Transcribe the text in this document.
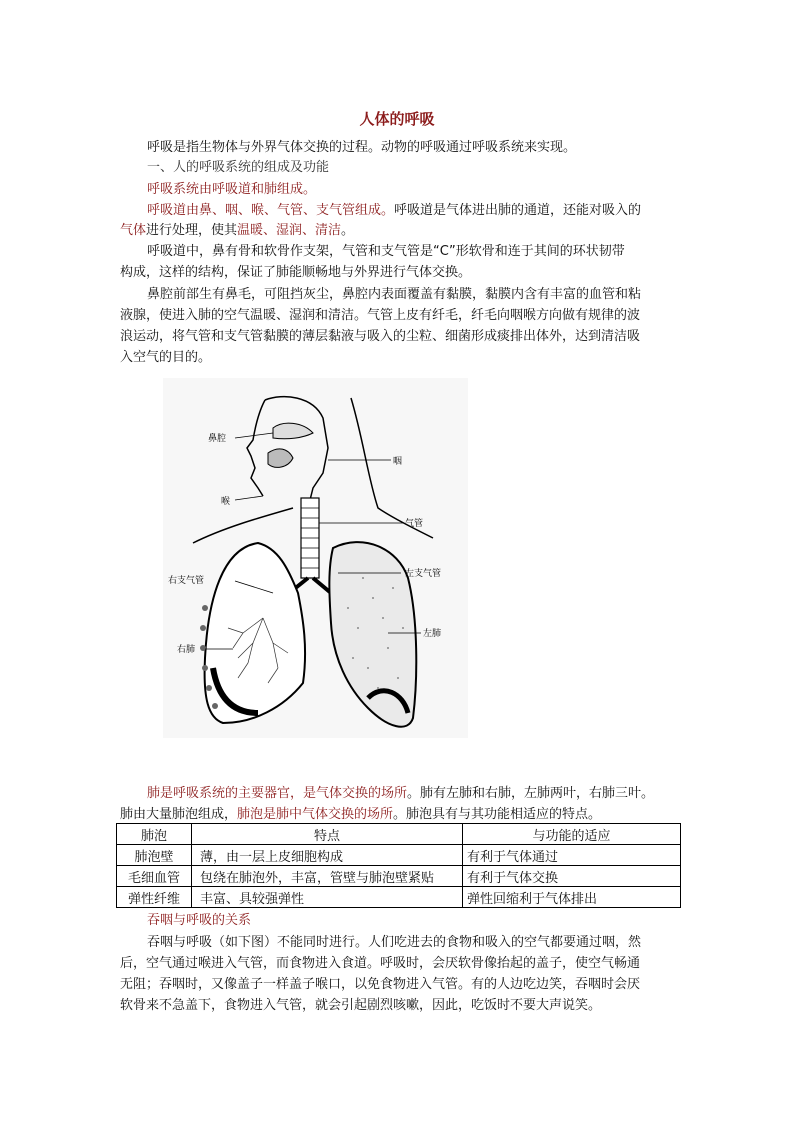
人体的呼吸
呼吸是指生物体与外界气体交换的过程。动物的呼吸通过呼吸系统来实现。
一、人的呼吸系统的组成及功能
呼吸系统由呼吸道和肺组成。
呼吸道由鼻、咽、喉、气管、支气管组成。呼吸道是气体进出肺的通道，还能对吸入的
气体进行处理，使其温暖、湿润、清洁。
呼吸道中，鼻有骨和软骨作支架，气管和支气管是“C”形软骨和连于其间的环状韧带
构成，这样的结构，保证了肺能顺畅地与外界进行气体交换。
鼻腔前部生有鼻毛，可阻挡灰尘，鼻腔内表面覆盖有黏膜，黏膜内含有丰富的血管和粘
液腺，使进入肺的空气温暖、湿润和清洁。气管上皮有纤毛，纤毛向咽喉方向做有规律的波
浪运动，将气管和支气管黏膜的薄层黏液与吸入的尘粒、细菌形成痰排出体外，达到清洁吸
入空气的目的。
鼻腔
咽
喉
气管
左支气管
右支气管
左肺
右肺
肺是呼吸系统的主要器官，是气体交换的场所。肺有左肺和右肺，左肺两叶，右肺三叶。
肺由大量肺泡组成，肺泡是肺中气体交换的场所。肺泡具有与其功能相适应的特点。
肺泡	特点	与功能的适应
肺泡壁	薄，由一层上皮细胞构成	有利于气体通过
毛细血管	包绕在肺泡外，丰富，管壁与肺泡壁紧贴	有利于气体交换
弹性纤维	丰富、具较强弹性	弹性回缩利于气体排出
吞咽与呼吸的关系
吞咽与呼吸（如下图）不能同时进行。人们吃进去的食物和吸入的空气都要通过咽，然
后，空气通过喉进入气管，而食物进入食道。呼吸时，会厌软骨像抬起的盖子，使空气畅通
无阻；吞咽时，又像盖子一样盖子喉口，以免食物进入气管。有的人边吃边笑，吞咽时会厌
软骨来不急盖下，食物进入气管，就会引起剧烈咳嗽，因此，吃饭时不要大声说笑。
